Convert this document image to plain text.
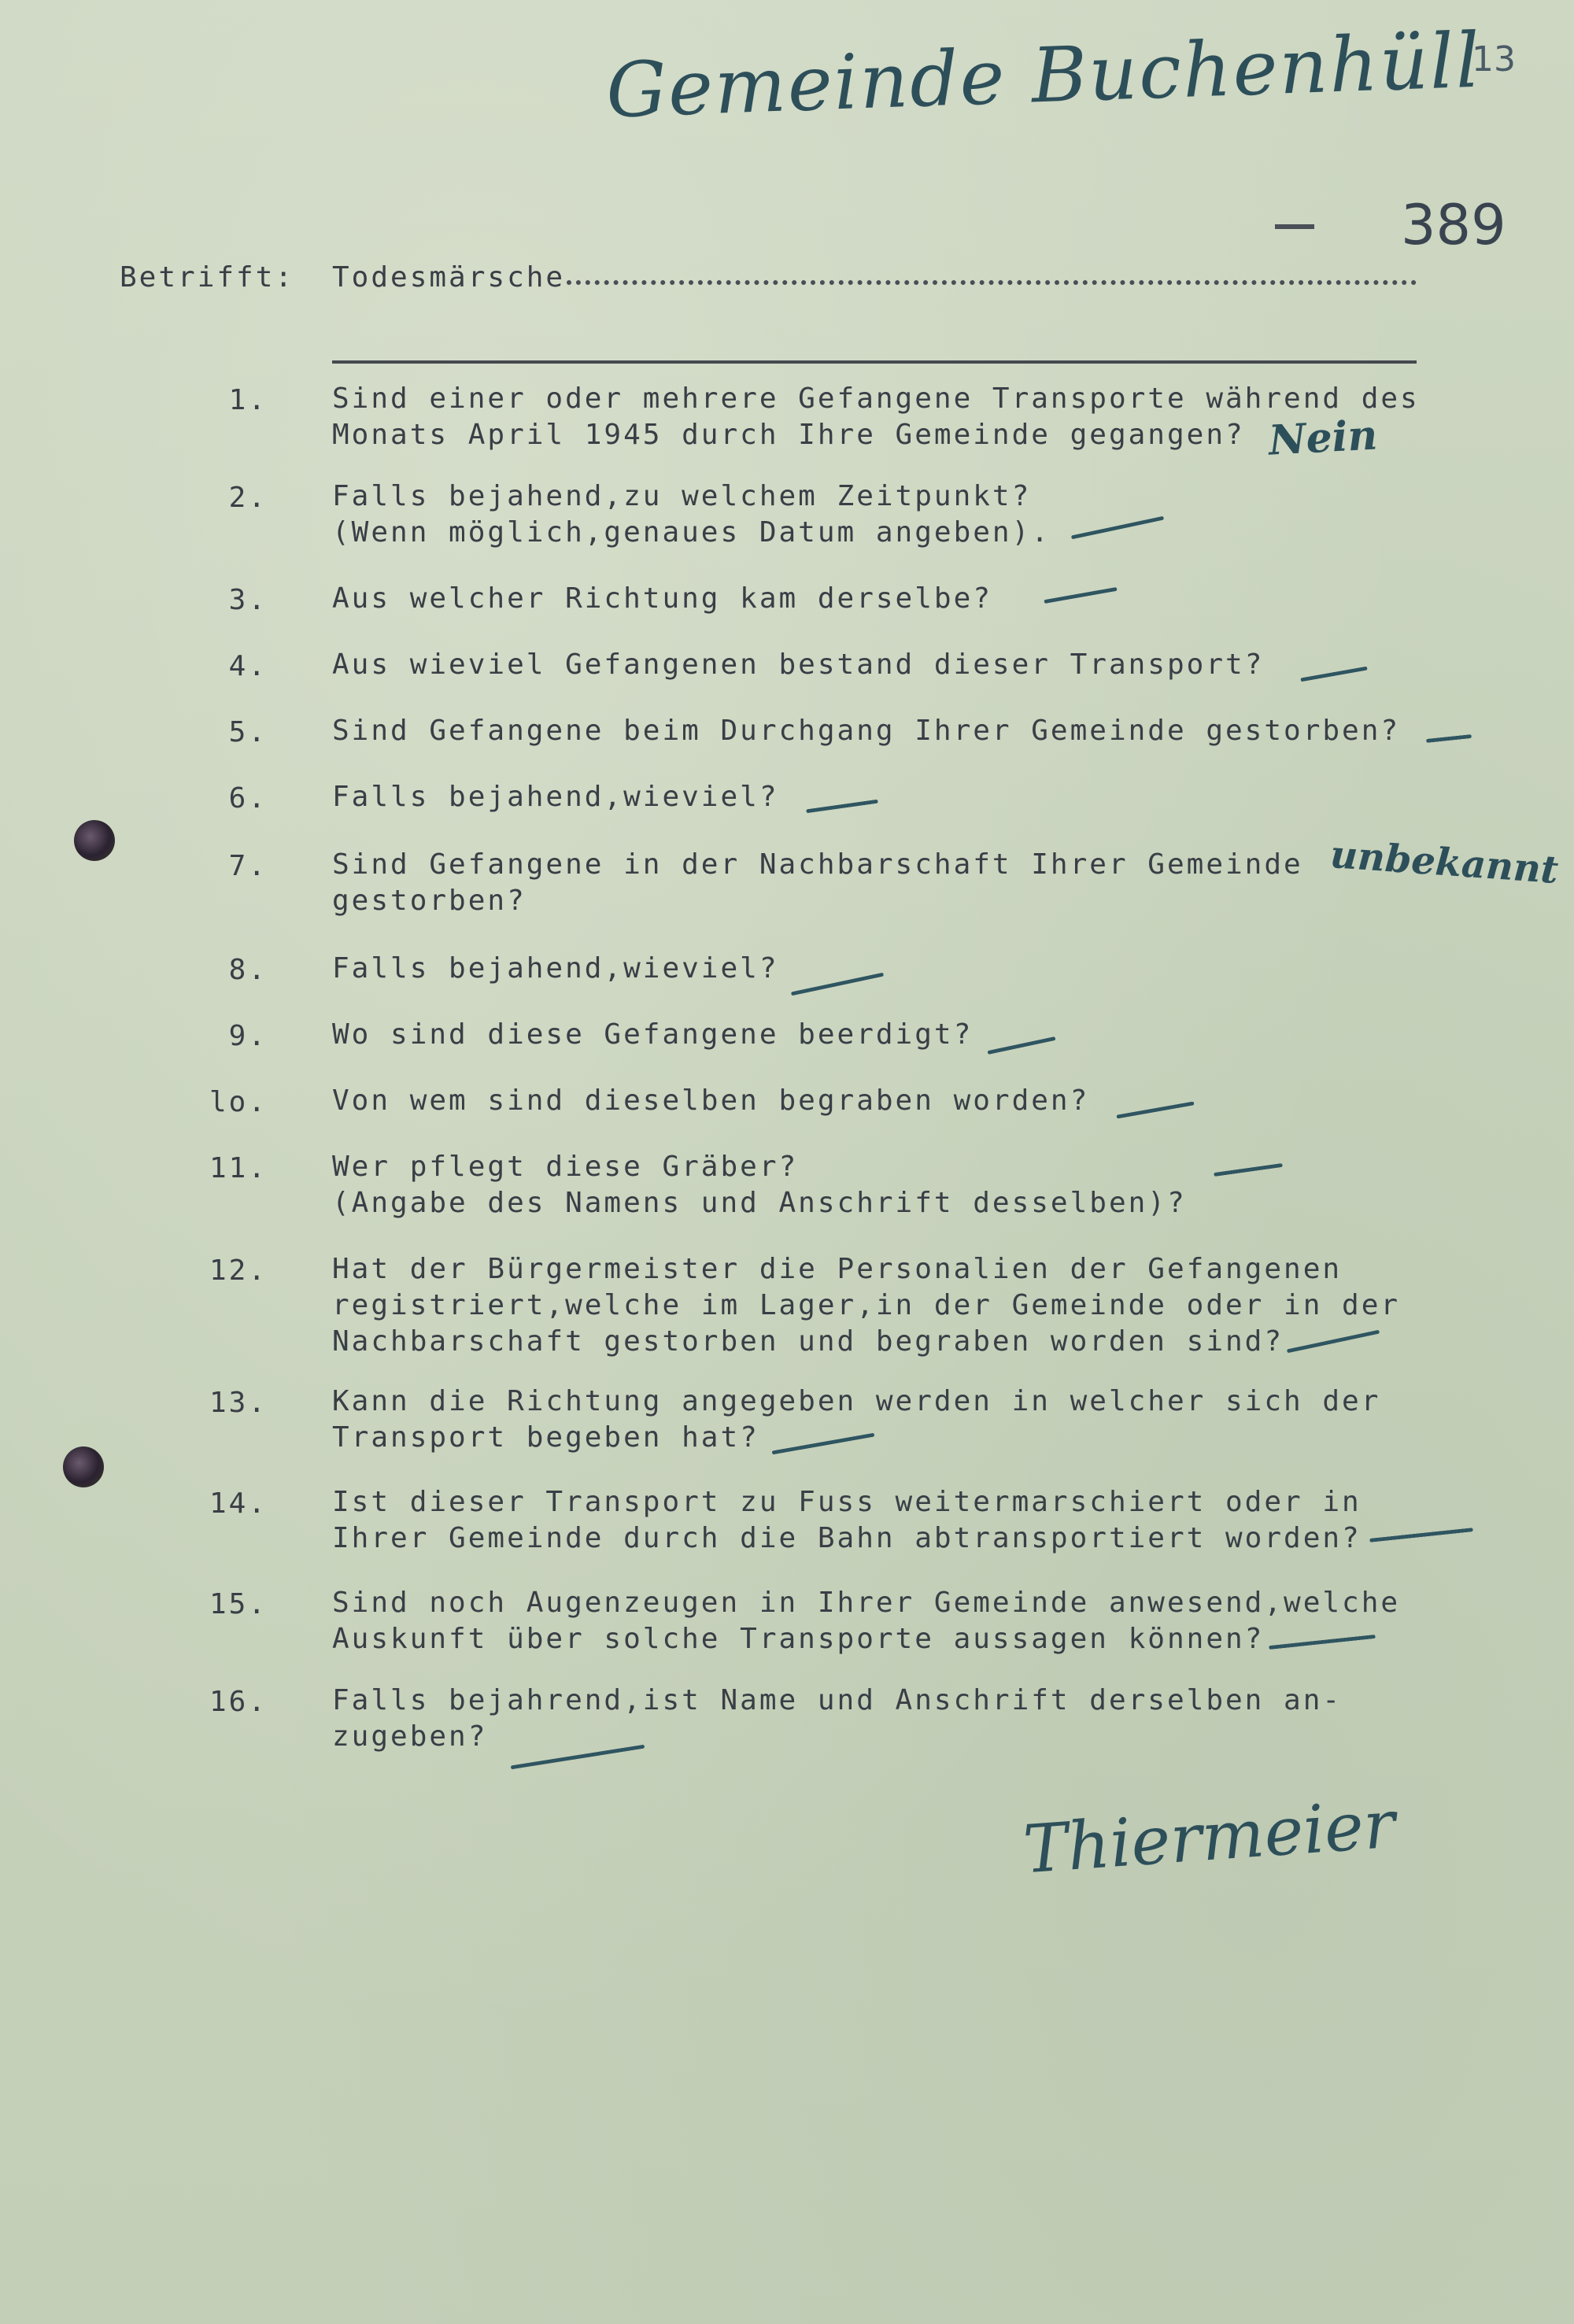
Gemeinde Buchenhüll
13
389
Betrifft: Todesmärsche
1. Sind einer oder mehrere Gefangene Transporte während des
Monats April 1945 durch Ihre Gemeinde gegangen? Nein
2. Falls bejahend,zu welchem Zeitpunkt?
(Wenn möglich,genaues Datum angeben).
3. Aus welcher Richtung kam derselbe?
4. Aus wieviel Gefangenen bestand dieser Transport?
5. Sind Gefangene beim Durchgang Ihrer Gemeinde gestorben?
6. Falls bejahend,wieviel?
7. Sind Gefangene in der Nachbarschaft Ihrer Gemeinde
gestorben?
unbekannt
8. Falls bejahend,wieviel?
9. Wo sind diese Gefangene beerdigt?
lo. Von wem sind dieselben begraben worden?
11. Wer pflegt diese Gräber?
(Angabe des Namens und Anschrift desselben)?
12. Hat der Bürgermeister die Personalien der Gefangenen
registriert,welche im Lager,in der Gemeinde oder in der
Nachbarschaft gestorben und begraben worden sind?
13. Kann die Richtung angegeben werden in welcher sich der
Transport begeben hat?
14. Ist dieser Transport zu Fuss weitermarschiert oder in
Ihrer Gemeinde durch die Bahn abtransportiert worden?
15. Sind noch Augenzeugen in Ihrer Gemeinde anwesend,welche
Auskunft über solche Transporte aussagen können?
16. Falls bejahrend,ist Name und Anschrift derselben an-
zugeben?
Thiermeier
